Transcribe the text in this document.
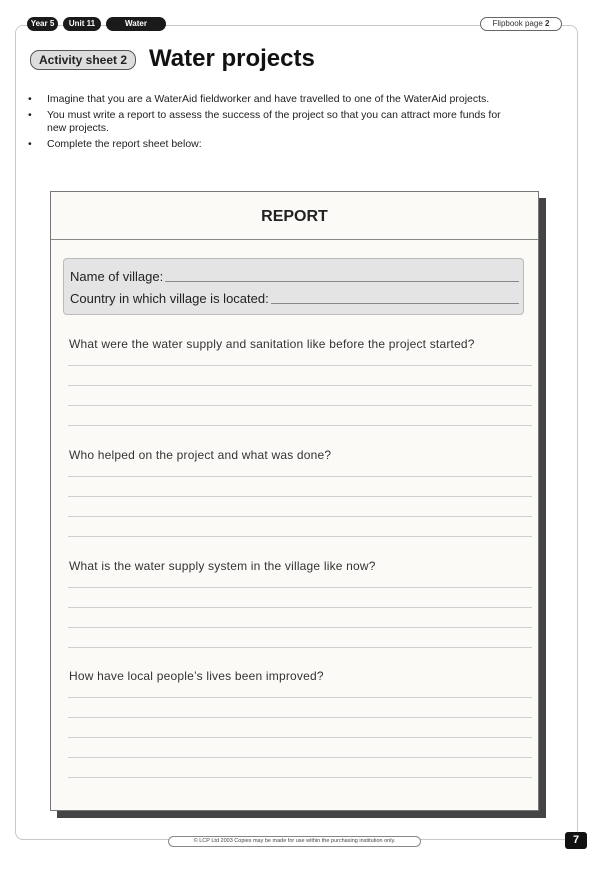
Year 5	Unit 11	Water	Flipbook page 2
Activity sheet 2 Water projects
• Imagine that you are a WaterAid fieldworker and have travelled to one of the WaterAid projects.
• You must write a report to assess the success of the project so that you can attract more funds for new projects.
• Complete the report sheet below:
REPORT
Name of village:
Country in which village is located:

What were the water supply and sanitation like before the project started?

Who helped on the project and what was done?

What is the water supply system in the village like now?

How have local people’s lives been improved?

© LCP Ltd 2003 Copies may be made for use within the purchasing institution only.	7
